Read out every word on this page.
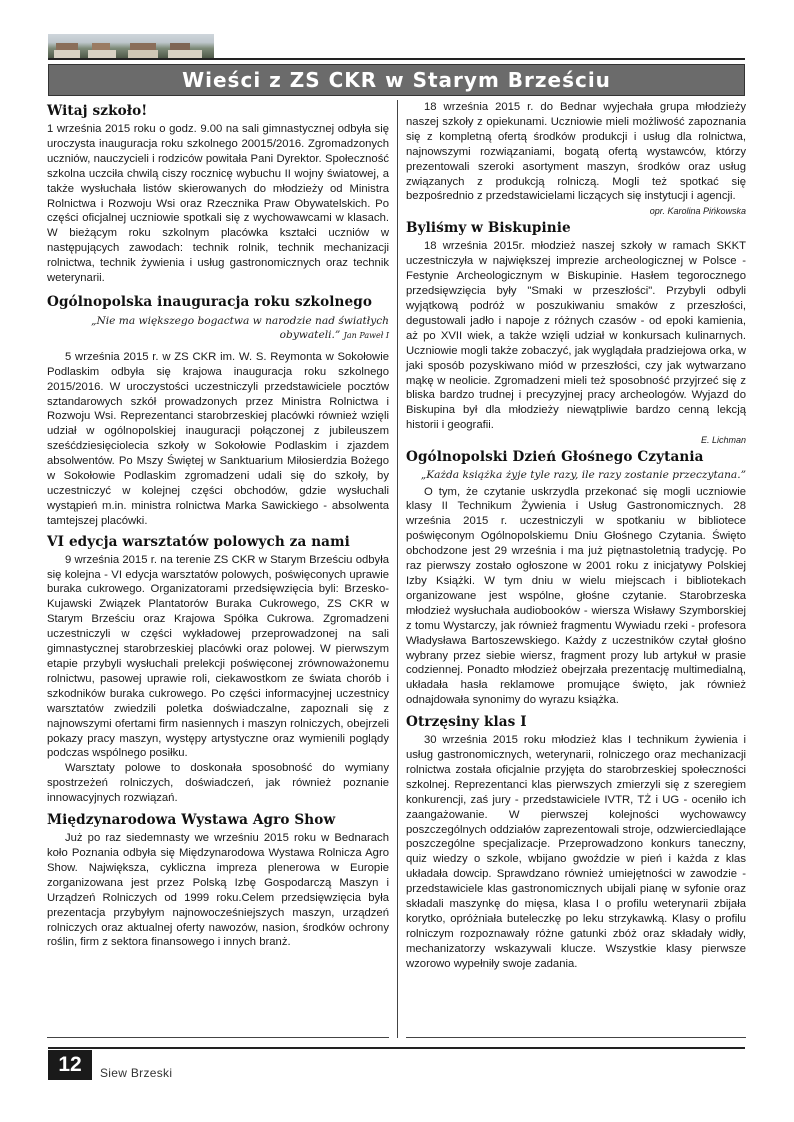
Wieści z ZS CKR w Starym Brześciu
Witaj szkoło!

1 września 2015 roku o godz. 9.00 na sali gimnastycznej odbyła się uroczysta inauguracja roku szkolnego 20015/2016. Zgromadzonych uczniów, nauczycieli i rodziców powitała Pani Dyrektor. Społeczność szkolna uczciła chwilą ciszy rocznicę wybuchu II wojny światowej, a także wysłuchała listów skierowanych do młodzieży od Ministra Rolnictwa i Rozwoju Wsi oraz Rzecznika Praw Obywatelskich. Po części oficjalnej uczniowie spotkali się z wychowawcami w klasach. W bieżącym roku szkolnym placówka kształci uczniów w następujących zawodach: technik rolnik, technik mechanizacji rolnictwa, technik żywienia i usług gastronomicznych oraz technik weterynarii.

Ogólnopolska inauguracja roku szkolnego
„Nie ma większego bogactwa w narodzie nad światłych obywateli.” Jan Paweł I

5 września 2015 r. w ZS CKR im. W. S. Reymonta w Sokołowie Podlaskim odbyła się krajowa inauguracja roku szkolnego 2015/2016. W uroczystości uczestniczyli przedstawiciele pocztów sztandarowych szkół prowadzonych przez Ministra Rolnictwa i Rozwoju Wsi. Reprezentanci starobrzeskiej placówki również wzięli udział w ogólnopolskiej inauguracji połączonej z jubileuszem sześćdziesięciolecia szkoły w Sokołowie Podlaskim i zjazdem absolwentów. Po Mszy Świętej w Sanktuarium Miłosierdzia Bożego w Sokołowie Podlaskim zgromadzeni udali się do szkoły, by uczestniczyć w kolejnej części obchodów, gdzie wysłuchali wystąpień m.in. ministra rolnictwa Marka Sawickiego - absolwenta tamtejszej placówki.

VI edycja warsztatów polowych za nami

9 września 2015 r. na terenie ZS CKR w Starym Brześciu odbyła się kolejna - VI edycja warsztatów polowych, poświęconych uprawie buraka cukrowego. Organizatorami przedsięwzięcia byli: Brzesko-Kujawski Związek Plantatorów Buraka Cukrowego, ZS CKR w Starym Brześciu oraz Krajowa Spółka Cukrowa. Zgromadzeni uczestniczyli w części wykładowej przeprowadzonej na sali gimnastycznej starobrzeskiej placówki oraz polowej. W pierwszym etapie przybyli wysłuchali prelekcji poświęconej zrównoważonemu rolnictwu, pasowej uprawie roli, ciekawostkom ze świata chorób i szkodników buraka cukrowego. Po części informacyjnej uczestnicy warsztatów zwiedzili poletka doświadczalne, zapoznali się z najnowszymi ofertami firm nasiennych i maszyn rolniczych, obejrzeli pokazy pracy maszyn, występy artystyczne oraz wymienili poglądy podczas wspólnego posiłku.

Warsztaty polowe to doskonała sposobność do wymiany spostrzeżeń rolniczych, doświadczeń, jak również poznanie innowacyjnych rozwiązań.

Międzynarodowa Wystawa Agro Show

Już po raz siedemnasty we wrześniu 2015 roku w Bednarach koło Poznania odbyła się Międzynarodowa Wystawa Rolnicza Agro Show. Największa, cykliczna impreza plenerowa w Europie zorganizowana jest przez Polską Izbę Gospodarczą Maszyn i Urządzeń Rolniczych od 1999 roku.Celem przedsięwzięcia była prezentacja przybyłym najnowocześniejszych maszyn, urządzeń rolniczych oraz aktualnej oferty nawozów, nasion, środków ochrony roślin, firm z sektora finansowego i innych branż.

18 września 2015 r. do Bednar wyjechała grupa młodzieży naszej szkoły z opiekunami. Uczniowie mieli możliwość zapoznania się z kompletną ofertą środków produkcji i usług dla rolnictwa, najnowszymi rozwiązaniami, bogatą ofertą wystawców, którzy prezentowali szeroki asortyment maszyn, środków oraz usług związanych z produkcją rolniczą. Mogli też spotkać się bezpośrednio z przedstawicielami liczących się instytucji i agencji.

opr. Karolina Pińkowska
Byliśmy w Biskupinie

18 września 2015r. młodzież naszej szkoły w ramach SKKT uczestniczyła w największej imprezie archeologicznej w Polsce - Festynie Archeologicznym w Biskupinie. Hasłem tegorocznego przedsięwzięcia były "Smaki w przeszłości". Przybyli odbyli wyjątkową podróż w poszukiwaniu smaków z przeszłości, degustowali jadło i napoje z różnych czasów - od epoki kamienia, aż po XVII wiek, a także wzięli udział w konkursach kulinarnych. Uczniowie mogli także zobaczyć, jak wyglądała pradziejowa orka, w jaki sposób pozyskiwano miód w przeszłości, czy jak wytwarzano mąkę w neolicie. Zgromadzeni mieli też sposobność przyjrzeć się z bliska bardzo trudnej i precyzyjnej pracy archeologów. Wyjazd do Biskupina był dla młodzieży niewątpliwie bardzo cenną lekcją historii i geografii.

E. Lichman
Ogólnopolski Dzień Głośnego Czytania
„Każda książka żyje tyle razy, ile razy zostanie przeczytana.”

O tym, że czytanie uskrzydla przekonać się mogli uczniowie klasy II Technikum Żywienia i Usług Gastronomicznych. 28 września 2015 r. uczestniczyli w spotkaniu w bibliotece poświęconym Ogólnopolskiemu Dniu Głośnego Czytania. Święto obchodzone jest 29 września i ma już piętnastoletnią tradycję. Po raz pierwszy zostało ogłoszone w 2001 roku z inicjatywy Polskiej Izby Książki. W tym dniu w wielu miejscach i bibliotekach organizowane jest wspólne, głośne czytanie. Starobrzeska młodzież wysłuchała audiobooków - wiersza Wisławy Szymborskiej z tomu Wystarczy, jak również fragmentu Wywiadu rzeki - profesora Władysława Bartoszewskiego. Każdy z uczestników czytał głośno wybrany przez siebie wiersz, fragment prozy lub artykuł w prasie codziennej. Ponadto młodzież obejrzała prezentację multimedialną, układała hasła reklamowe promujące święto, jak również odnajdowała synonimy do wyrazu książka.

Otrzęsiny klas I

30 września 2015 roku młodzież klas I technikum żywienia i usług gastronomicznych, weterynarii, rolniczego oraz mechanizacji rolnictwa została oficjalnie przyjęta do starobrzeskiej społeczności szkolnej. Reprezentanci klas pierwszych zmierzyli się z szeregiem konkurencji, zaś jury - przedstawiciele IVTR, TŻ i UG - oceniło ich zaangażowanie. W pierwszej kolejności wychowawcy poszczególnych oddziałów zaprezentowali stroje, odzwierciedlające poszczególne specjalizacje. Przeprowadzono konkurs taneczny, quiz wiedzy o szkole, wbijano gwoździe w pień i każda z klas układała dowcip. Sprawdzano również umiejętności w zawodzie - przedstawiciele klas gastronomicznych ubijali pianę w syfonie oraz składali maszynkę do mięsa, klasa I o profilu weterynarii zbijała korytko, opróżniała buteleczkę po leku strzykawką. Klasy o profilu rolniczym rozpoznawały różne gatunki zbóż oraz składały widły, mechanizatorzy wskazywali klucze. Wszystkie klasy pierwsze wzorowo wypełniły swoje zadania.

12	Siew Brzeski
